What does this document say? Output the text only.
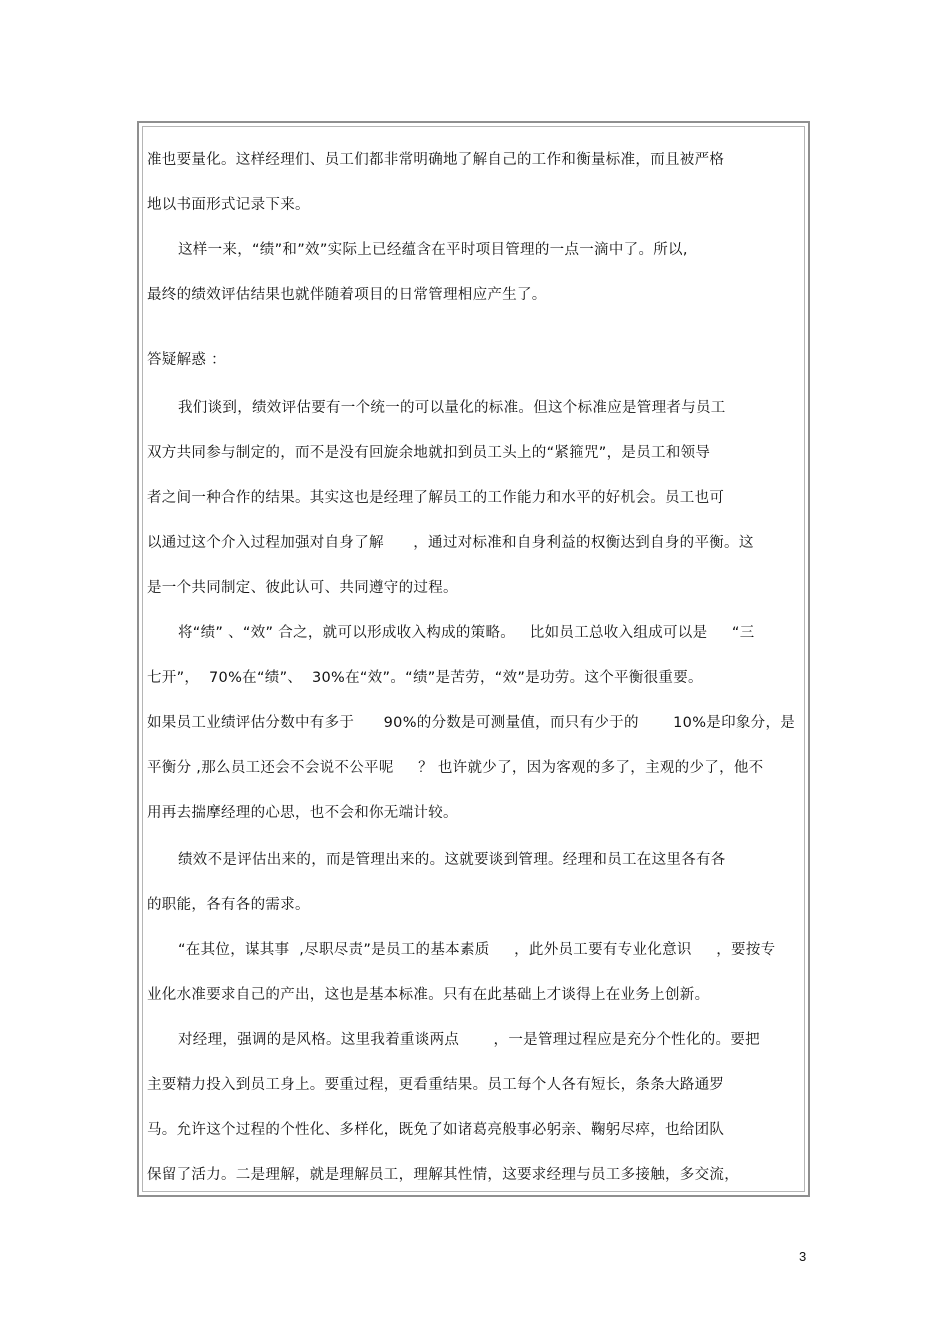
准也要量化。这样经理们、员工们都非常明确地了解自己的工作和衡量标准，而且被严格
地以书面形式记录下来。
这样一来，“绩”和”效”实际上已经蕴含在平时项目管理的一点一滴中了。所以,
最终的绩效评估结果也就伴随着项目的日常管理相应产生了。
答疑解惑 ：
我们谈到，绩效评估要有一个统一的可以量化的标准。但这个标准应是管理者与员工
双方共同参与制定的，而不是没有回旋余地就扣到员工头上的“紧箍咒”，是员工和领导
者之间一种合作的结果。其实这也是经理了解员工的工作能力和水平的好机会。员工也可
以通过这个介入过程加强对自身了解      ，通过对标准和自身利益的权衡达到自身的平衡。这
是一个共同制定、彼此认可、共同遵守的过程。
将“绩” 、“效” 合之，就可以形成收入构成的策略。   比如员工总收入组成可以是     “三
七开”，  70%在“绩”、  30%在“效”。“绩”是苦劳，“效”是功劳。这个平衡很重要。
如果员工业绩评估分数中有多于      90%的分数是可测量值，而只有少于的       10%是印象分，是
平衡分 ,那么员工还会不会说不公平呢     ？ 也许就少了，因为客观的多了，主观的少了，他不
用再去揣摩经理的心思，也不会和你无端计较。
绩效不是评估出来的，而是管理出来的。这就要谈到管理。经理和员工在这里各有各
的职能，各有各的需求。
“在其位，谋其事  ,尽职尽责”是员工的基本素质     ，此外员工要有专业化意识     ，要按专
业化水准要求自己的产出，这也是基本标准。只有在此基础上才谈得上在业务上创新。
对经理，强调的是风格。这里我着重谈两点       ，一是管理过程应是充分个性化的。要把
主要精力投入到员工身上。要重过程，更看重结果。员工每个人各有短长，条条大路通罗
马。允许这个过程的个性化、多样化，既免了如诸葛亮般事必躬亲、鞠躬尽瘁，也给团队
保留了活力。二是理解，就是理解员工，理解其性情，这要求经理与员工多接触，多交流，
3
